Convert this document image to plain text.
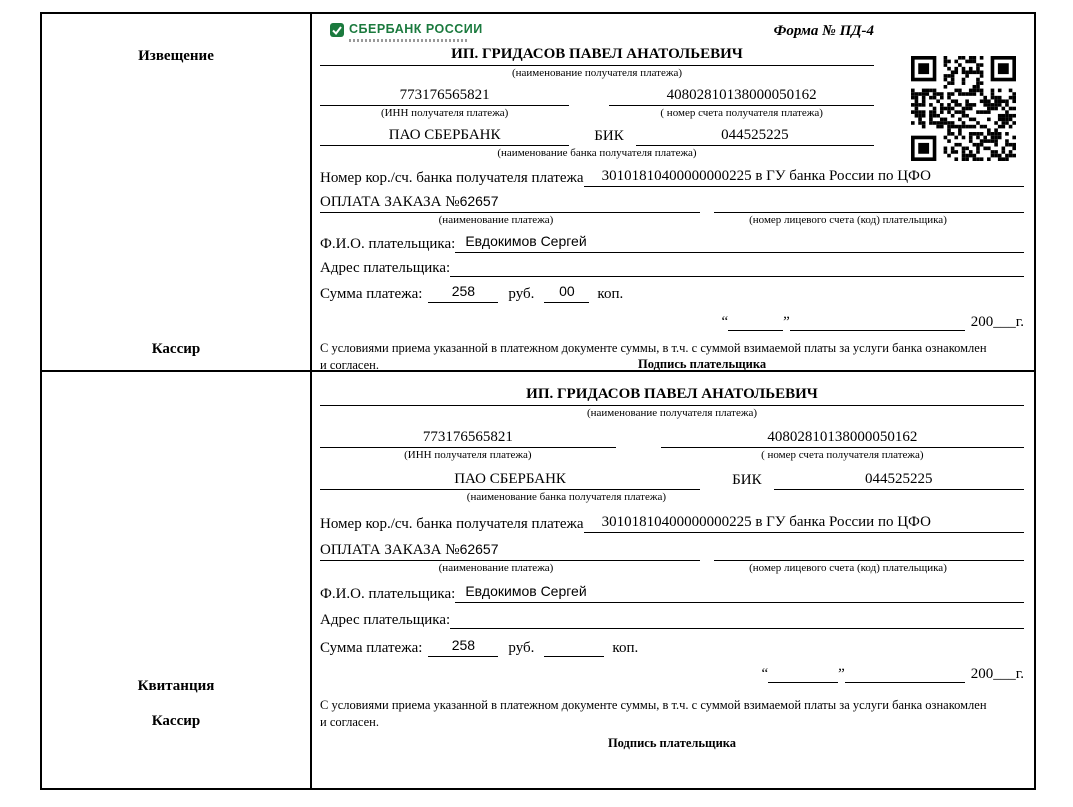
Извещение
Кассир
СБЕРБАНК РОССИИ	Форма № ПД-4
ИП. ГРИДАСОВ ПАВЕЛ АНАТОЛЬЕВИЧ
(наименование получателя платежа)
773176565821
(ИНН получателя платежа)
40802810138000050162
( номер счета получателя платежа)
ПАО СБЕРБАНК	БИК	044525225
(наименование банка получателя платежа)
Номер кор./сч. банка получателя платежа	30101810400000000225 в ГУ банка России по ЦФО
ОПЛАТА ЗАКАЗА №62657
(наименование платежа)	(номер лицевого счета (код) плательщика)
Ф.И.О. плательщика: Евдокимов Сергей
Адрес плательщика:
Сумма платежа:	258	руб.	00	коп.
“	”	200___г.
С условиями приема указанной в платежном документе суммы, в т.ч. с суммой взимаемой платы за услуги банка ознакомлен и согласен.	Подпись плательщика
Квитанция
Кассир
ИП. ГРИДАСОВ ПАВЕЛ АНАТОЛЬЕВИЧ
(наименование получателя платежа)
773176565821
(ИНН получателя платежа)
40802810138000050162
( номер счета получателя платежа)
ПАО СБЕРБАНК	БИК	044525225
(наименование банка получателя платежа)
Номер кор./сч. банка получателя платежа	30101810400000000225 в ГУ банка России по ЦФО
ОПЛАТА ЗАКАЗА №62657
(наименование платежа)	(номер лицевого счета (код) плательщика)
Ф.И.О. плательщика: Евдокимов Сергей
Адрес плательщика:
Сумма платежа:	258	руб.	коп.
“	”	200___г.
С условиями приема указанной в платежном документе суммы, в т.ч. с суммой взимаемой платы за услуги банка ознакомлен и согласен.
Подпись плательщика
